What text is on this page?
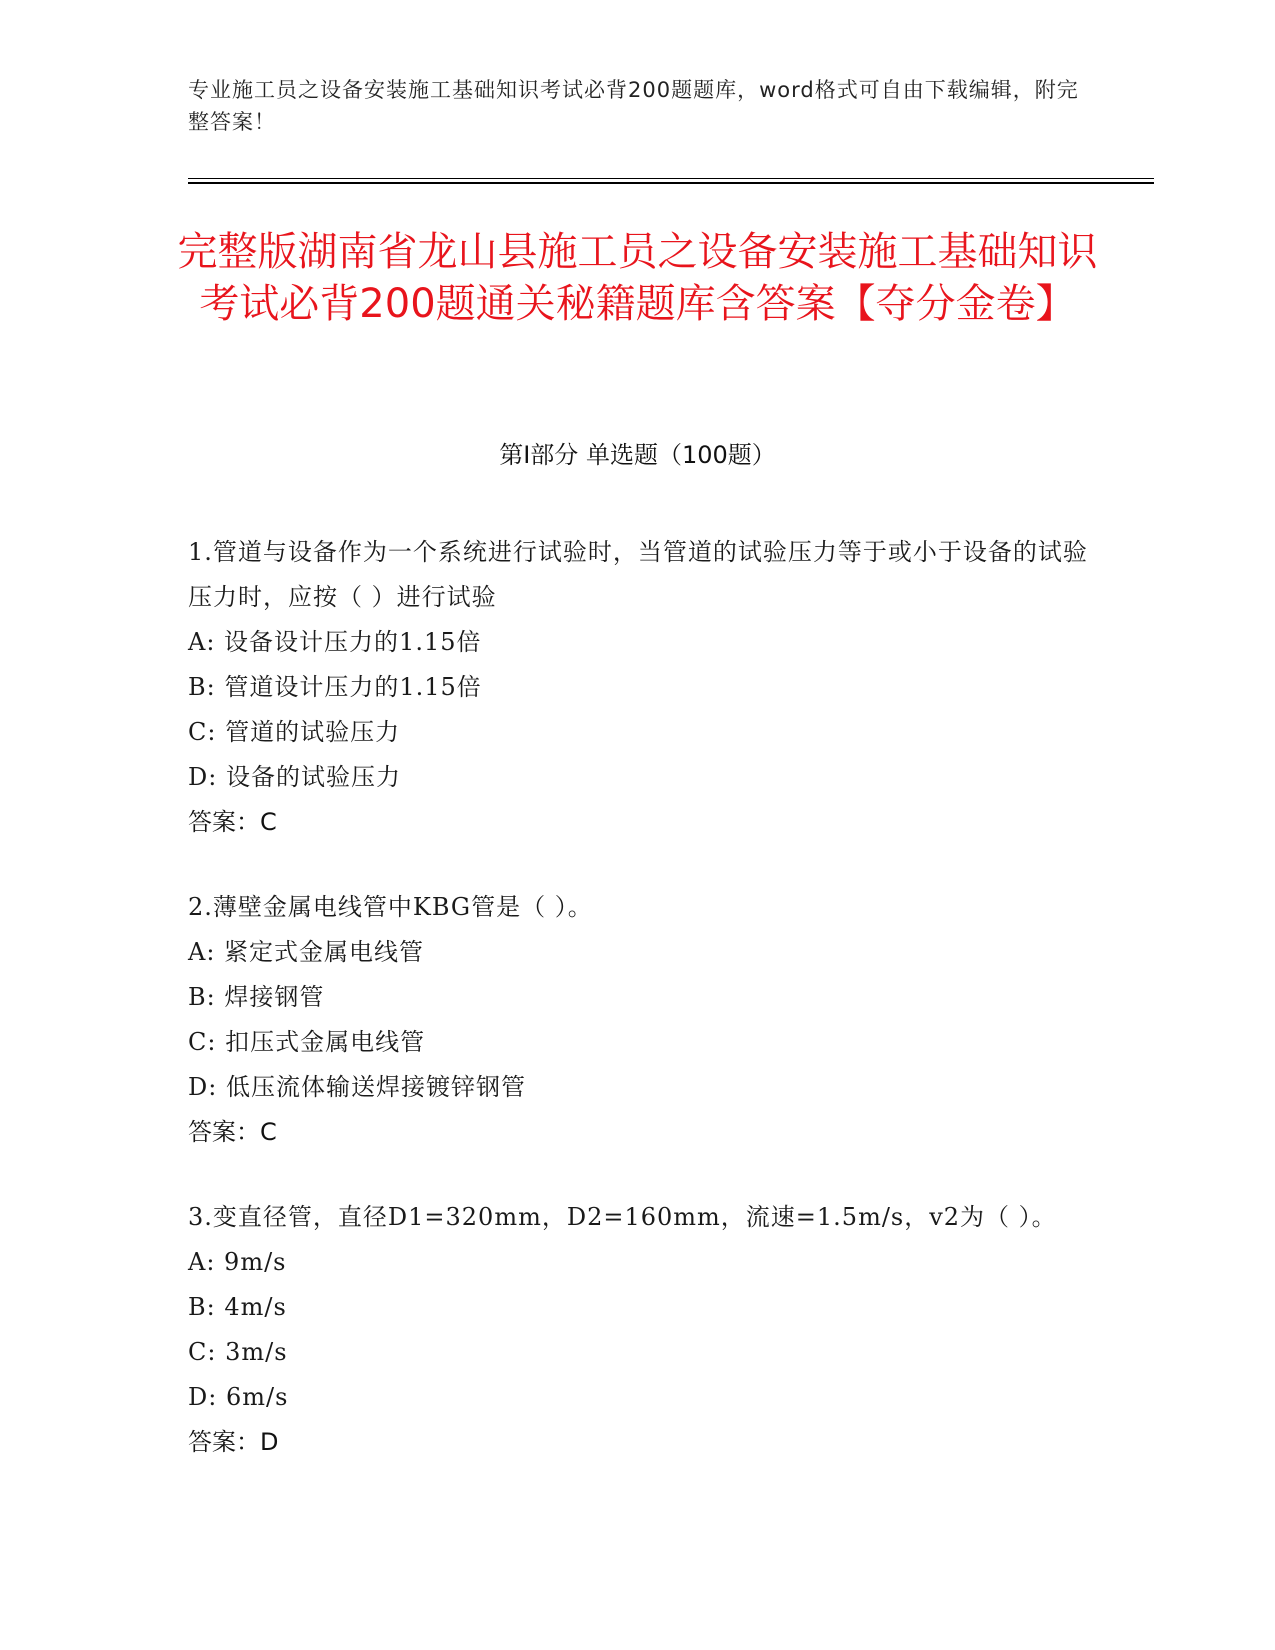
专业施工员之设备安装施工基础知识考试必背200题题库，word格式可自由下载编辑，附完整答案！
完整版湖南省龙山县施工员之设备安装施工基础知识考试必背200题通关秘籍题库含答案【夺分金卷】
第I部分 单选题（100题）

1.管道与设备作为一个系统进行试验时，当管道的试验压力等于或小于设备的试验压力时，应按（ ）进行试验

A: 设备设计压力的1.15倍

B: 管道设计压力的1.15倍

C: 管道的试验压力

D: 设备的试验压力

答案：C

2.薄壁金属电线管中KBG管是（ ）。

A: 紧定式金属电线管

B: 焊接钢管

C: 扣压式金属电线管

D: 低压流体输送焊接镀锌钢管

答案：C

3.变直径管，直径D1=320mm，D2=160mm，流速=1.5m/s，v2为（ ）。

A: 9m/s

B: 4m/s

C: 3m/s

D: 6m/s

答案：D
